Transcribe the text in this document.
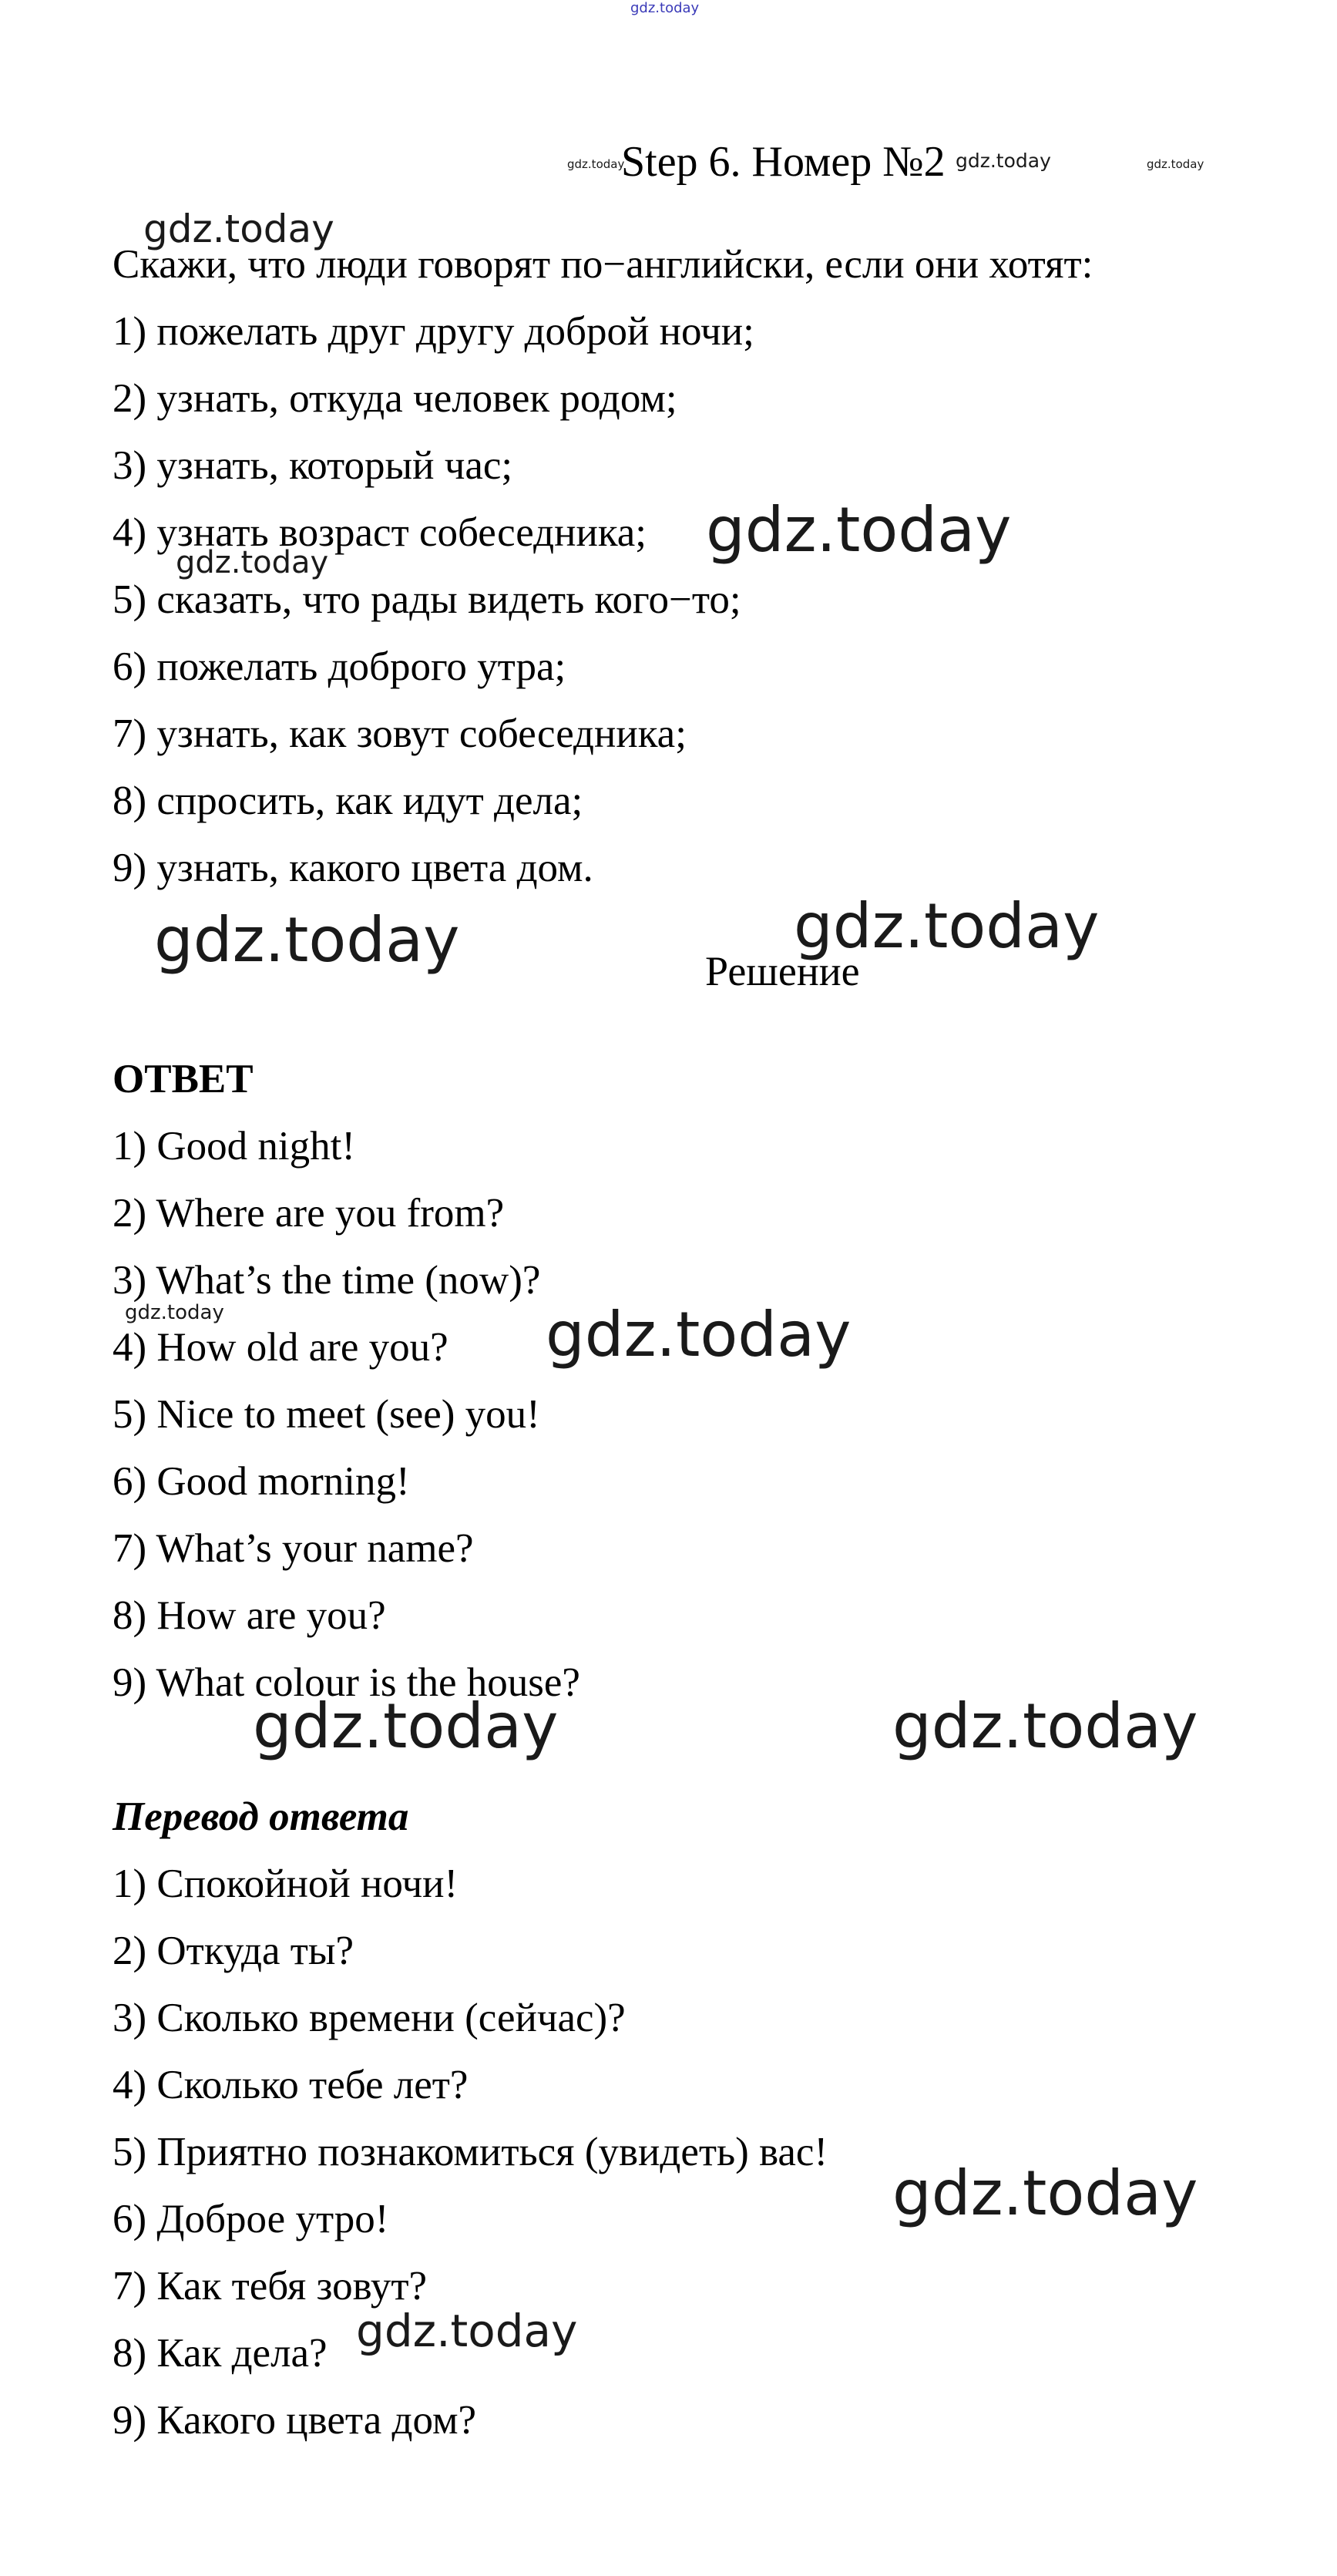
gdz.today
gdz.today	gdz.today	gdz.today
gdz.today
gdz.today
gdz.today
gdz.today	gdz.today
gdz.today	gdz.today
gdz.today	gdz.today
gdz.today
gdz.today
Step 6. Номер №2
Скажи, что люди говорят по−английски, если они хотят:
1) пожелать друг другу доброй ночи;
2) узнать, откуда человек родом;
3) узнать, который час;
4) узнать возраст собеседника;
5) сказать, что рады видеть кого−то;
6) пожелать доброго утра;
7) узнать, как зовут собеседника;
8) спросить, как идут дела;
9) узнать, какого цвета дом.
Решение
ОТВЕТ
1) Good night!
2) Where are you from?
3) What’s the time (now)?
4) How old are you?
5) Nice to meet (see) you!
6) Good morning!
7) What’s your name?
8) How are you?
9) What colour is the house?
Перевод ответа
1) Спокойной ночи!
2) Откуда ты?
3) Сколько времени (сейчас)?
4) Сколько тебе лет?
5) Приятно познакомиться (увидеть) вас!
6) Доброе утро!
7) Как тебя зовут?
8) Как дела?
9) Какого цвета дом?
